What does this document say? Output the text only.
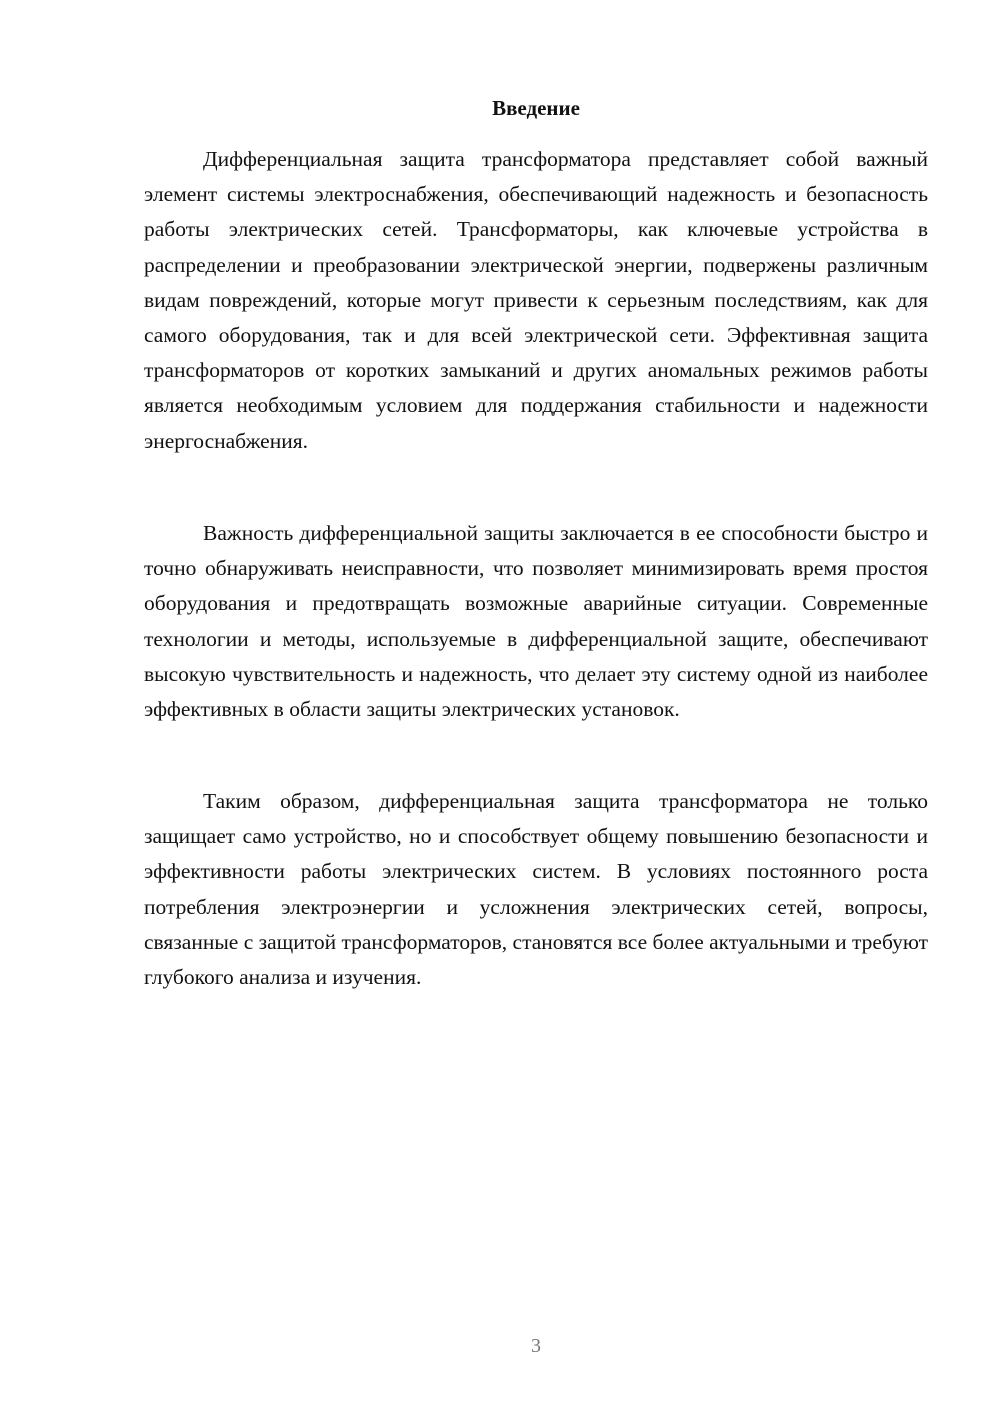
Введение

Дифференциальная защита трансформатора представляет собой важный элемент системы электроснабжения, обеспечивающий надежность и безопасность работы электрических сетей. Трансформаторы, как ключевые устройства в распределении и преобразовании электрической энергии, подвержены различным видам повреждений, которые могут привести к серьезным последствиям, как для самого оборудования, так и для всей электрической сети. Эффективная защита трансформаторов от коротких замыканий и других аномальных режимов работы является необходимым условием для поддержания стабильности и надежности энергоснабжения.

Важность дифференциальной защиты заключается в ее способности быстро и точно обнаруживать неисправности, что позволяет минимизировать время простоя оборудования и предотвращать возможные аварийные ситуации. Современные технологии и методы, используемые в дифференциальной защите, обеспечивают высокую чувствительность и надежность, что делает эту систему одной из наиболее эффективных в области защиты электрических установок.

Таким образом, дифференциальная защита трансформатора не только защищает само устройство, но и способствует общему повышению безопасности и эффективности работы электрических систем. В условиях постоянного роста потребления электроэнергии и усложнения электрических сетей, вопросы, связанные с защитой трансформаторов, становятся все более актуальными и требуют глубокого анализа и изучения.

3
